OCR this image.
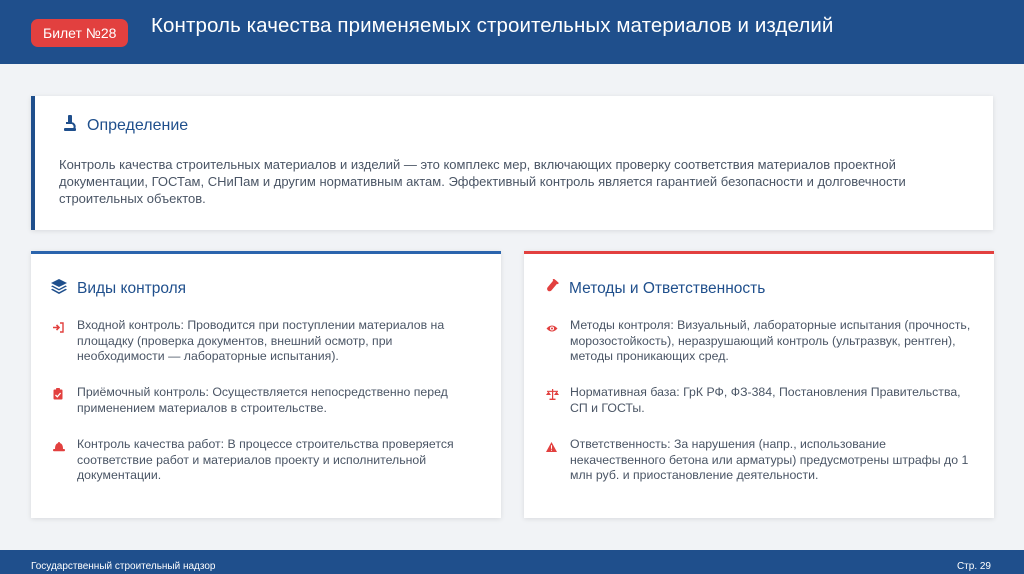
Билет №28	Контроль качества применяемых строительных материалов и изделий
Определение
Контроль качества строительных материалов и изделий — это комплекс мер, включающих проверку соответствия материалов проектной документации, ГОСТам, СНиПам и другим нормативным актам. Эффективный контроль является гарантией безопасности и долговечности строительных объектов.
Виды контроля
Входной контроль: Проводится при поступлении материалов на площадку (проверка документов, внешний осмотр, при необходимости — лабораторные испытания).
Приёмочный контроль: Осуществляется непосредственно перед применением материалов в строительстве.
Контроль качества работ: В процессе строительства проверяется соответствие работ и материалов проекту и исполнительной документации.
Методы и Ответственность
Методы контроля: Визуальный, лабораторные испытания (прочность, морозостойкость), неразрушающий контроль (ультразвук, рентген), методы проникающих сред.
Нормативная база: ГрК РФ, ФЗ-384, Постановления Правительства, СП и ГОСТы.
Ответственность: За нарушения (напр., использование некачественного бетона или арматуры) предусмотрены штрафы до 1 млн руб. и приостановление деятельности.
Государственный строительный надзор	Стр. 29
